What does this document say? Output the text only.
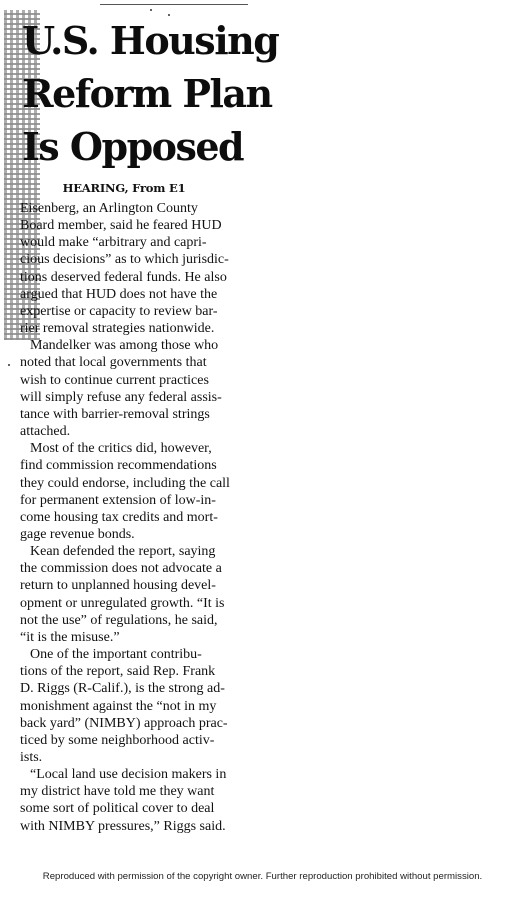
U.S. Housing
Reform Plan
Is Opposed
HEARING, From E1

Eisenberg, an Arlington County
Board member, said he feared HUD
would make “arbitrary and capri-
cious decisions” as to which jurisdic-
tions deserved federal funds. He also
argued that HUD does not have the
expertise or capacity to review bar-
rier removal strategies nationwide.

Mandelker was among those who
noted that local governments that
wish to continue current practices
will simply refuse any federal assis-
tance with barrier-removal strings
attached.

Most of the critics did, however,
find commission recommendations
they could endorse, including the call
for permanent extension of low-in-
come housing tax credits and mort-
gage revenue bonds.

Kean defended the report, saying
the commission does not advocate a
return to unplanned housing devel-
opment or unregulated growth. “It is
not the use” of regulations, he said,
“it is the misuse.”

One of the important contribu-
tions of the report, said Rep. Frank
D. Riggs (R-Calif.), is the strong ad-
monishment against the “not in my
back yard” (NIMBY) approach prac-
ticed by some neighborhood activ-
ists.

“Local land use decision makers in
my district have told me they want
some sort of political cover to deal
with NIMBY pressures,” Riggs said.

Reproduced with permission of the copyright owner. Further reproduction prohibited without permission.
